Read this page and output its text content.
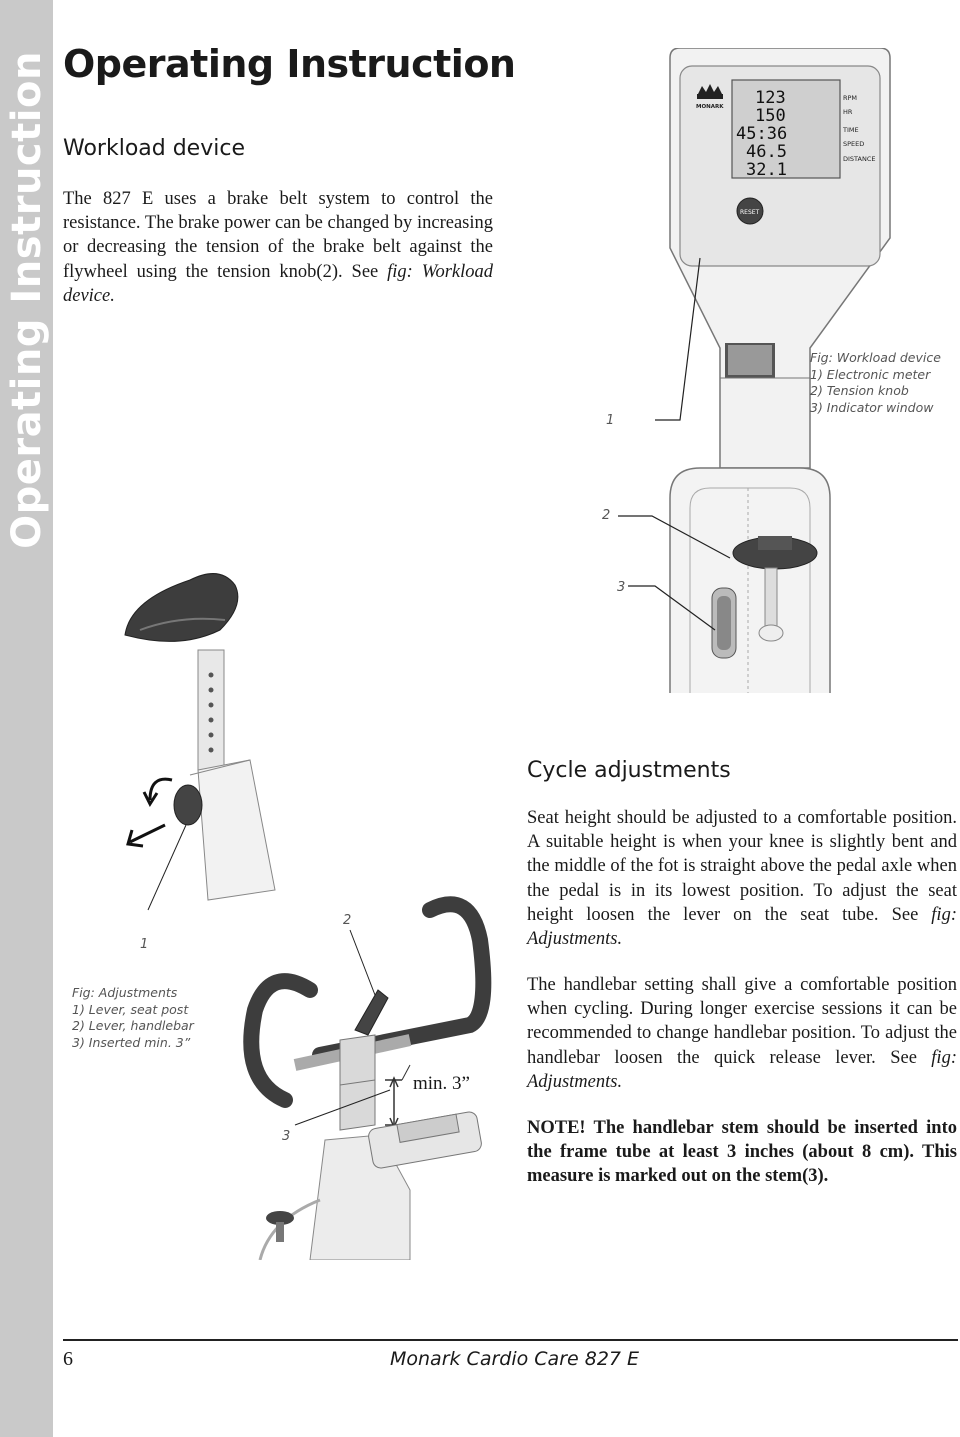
Operating Instruction Operating Instruction
Workload device

The 827 E uses a brake belt system to control the resistance. The brake power can be changed by increasing or decreasing the tension of the brake belt against the flywheel using the tension knob(2). See fig: Workload device.

123
150
45:36
46.5
32.1
RPM
HR
TIME
SPEED
DISTANCE
MONARK
RESET
1
2
3
Fig: Workload device
1) Electronic meter
2) Tension knob
3) Indicator window
1
2
3
min. 3”
Fig: Adjustments
1) Lever, seat post
2) Lever, handlebar
3) Inserted min. 3”
Cycle adjustments

Seat height should be adjusted to a comfortable position. A suitable height is when your knee is slightly bent and the middle of the fot is straight above the pedal axle when the pedal is in its lowest position. To adjust the seat height loosen the lever on the seat tube. See fig: Adjustments.

The handlebar setting shall give a comfortable position when cycling. During longer exercise sessions it can be recommended to change handlebar position. To adjust the handlebar loosen the quick release lever. See fig: Adjustments.

NOTE! The handlebar stem should be inserted into the frame tube at least 3 inches (about 8 cm). This measure is marked out on the stem(3).

6	Monark Cardio Care 827 E
